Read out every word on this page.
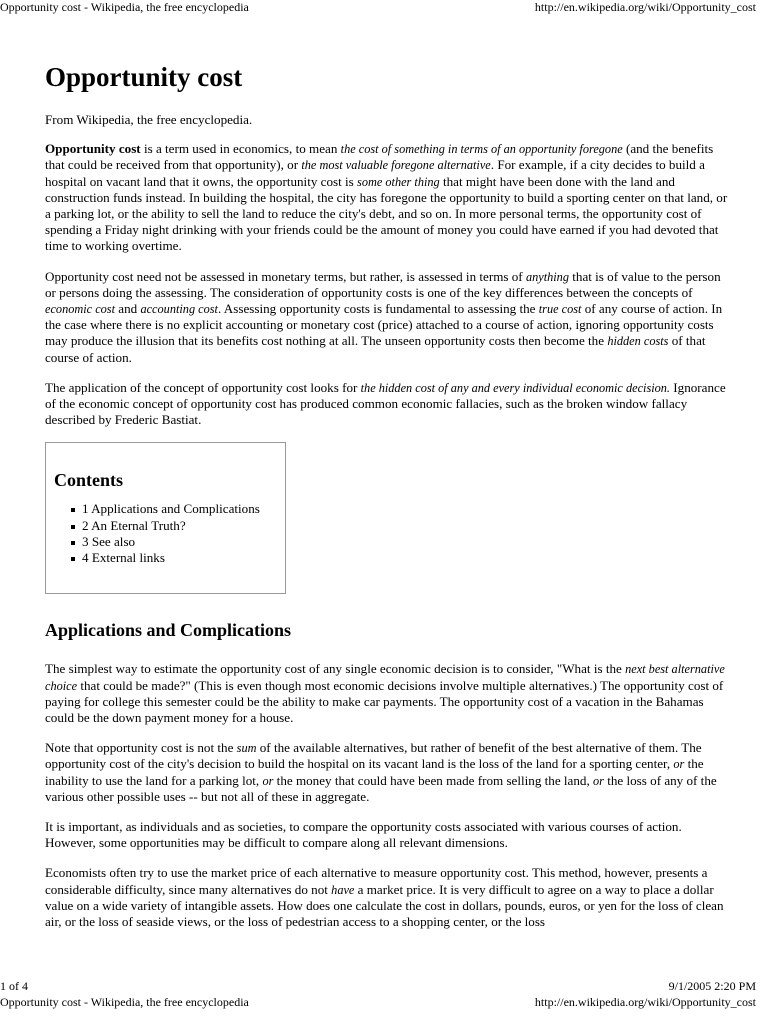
Opportunity cost - Wikipedia, the free encyclopedia	http://en.wikipedia.org/wiki/Opportunity_cost
Opportunity cost

From Wikipedia, the free encyclopedia.

Opportunity cost is a term used in economics, to mean the cost of something in terms of an opportunity foregone (and the benefits that could be received from that opportunity), or the most valuable foregone alternative. For example, if a city decides to build a hospital on vacant land that it owns, the opportunity cost is some other thing that might have been done with the land and construction funds instead. In building the hospital, the city has foregone the opportunity to build a sporting center on that land, or a parking lot, or the ability to sell the land to reduce the city's debt, and so on. In more personal terms, the opportunity cost of spending a Friday night drinking with your friends could be the amount of money you could have earned if you had devoted that time to working overtime.

Opportunity cost need not be assessed in monetary terms, but rather, is assessed in terms of anything that is of value to the person or persons doing the assessing. The consideration of opportunity costs is one of the key differences between the concepts of economic cost and accounting cost. Assessing opportunity costs is fundamental to assessing the true cost of any course of action. In the case where there is no explicit accounting or monetary cost (price) attached to a course of action, ignoring opportunity costs may produce the illusion that its benefits cost nothing at all. The unseen opportunity costs then become the hidden costs of that course of action.

The application of the concept of opportunity cost looks for the hidden cost of any and every individual economic decision. Ignorance of the economic concept of opportunity cost has produced common economic fallacies, such as the broken window fallacy described by Frederic Bastiat.

Contents
1 Applications and Complications
2 An Eternal Truth?
3 See also
4 External links
Applications and Complications

The simplest way to estimate the opportunity cost of any single economic decision is to consider, "What is the next best alternative choice that could be made?" (This is even though most economic decisions involve multiple alternatives.) The opportunity cost of paying for college this semester could be the ability to make car payments. The opportunity cost of a vacation in the Bahamas could be the down payment money for a house.

Note that opportunity cost is not the sum of the available alternatives, but rather of benefit of the best alternative of them. The opportunity cost of the city's decision to build the hospital on its vacant land is the loss of the land for a sporting center, or the inability to use the land for a parking lot, or the money that could have been made from selling the land, or the loss of any of the various other possible uses -- but not all of these in aggregate.

It is important, as individuals and as societies, to compare the opportunity costs associated with various courses of action. However, some opportunities may be difficult to compare along all relevant dimensions.

Economists often try to use the market price of each alternative to measure opportunity cost. This method, however, presents a considerable difficulty, since many alternatives do not have a market price. It is very difficult to agree on a way to place a dollar value on a wide variety of intangible assets. How does one calculate the cost in dollars, pounds, euros, or yen for the loss of clean air, or the loss of seaside views, or the loss of pedestrian access to a shopping center, or the loss

1 of 4	9/1/2005 2:20 PM
Opportunity cost - Wikipedia, the free encyclopedia	http://en.wikipedia.org/wiki/Opportunity_cost
